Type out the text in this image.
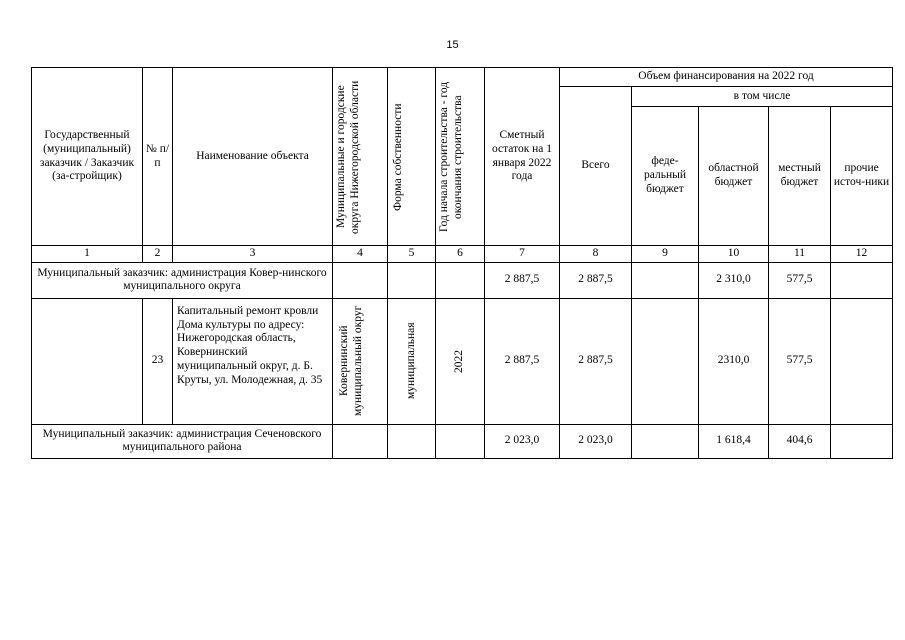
15
Государственный (муниципальный) заказчик / Заказчик (за-стройщик)	№ п/п	Наименование объекта	Муниципальные и городские округа Нижегородской области	Форма собственности	Год начала строительства - год окончания строительства	Сметный остаток на 1 января 2022 года	Объем финансирования на 2022 год				
							Всего	в том числе			
								феде-ральный бюджет	областной бюджет	местный бюджет	прочие источ-ники
1	2	3	4	5	6	7	8	9	10	11	12
Муниципальный заказчик: администрация Ковер-нинского муниципального округа						2 887,5	2 887,5		2 310,0	577,5	
	23	Капитальный ремонт кровли Дома культуры по адресу: Нижегородская область, Ковернинский муниципальный округ, д. Б. Круты, ул. Молодежная, д. 35	Ковернинский муниципальный округ	муниципальная	2022	2 887,5	2 887,5		2310,0	577,5	
Муниципальный заказчик: администрация Сеченовского муниципального района						2 023,0	2 023,0		1 618,4	404,6	
